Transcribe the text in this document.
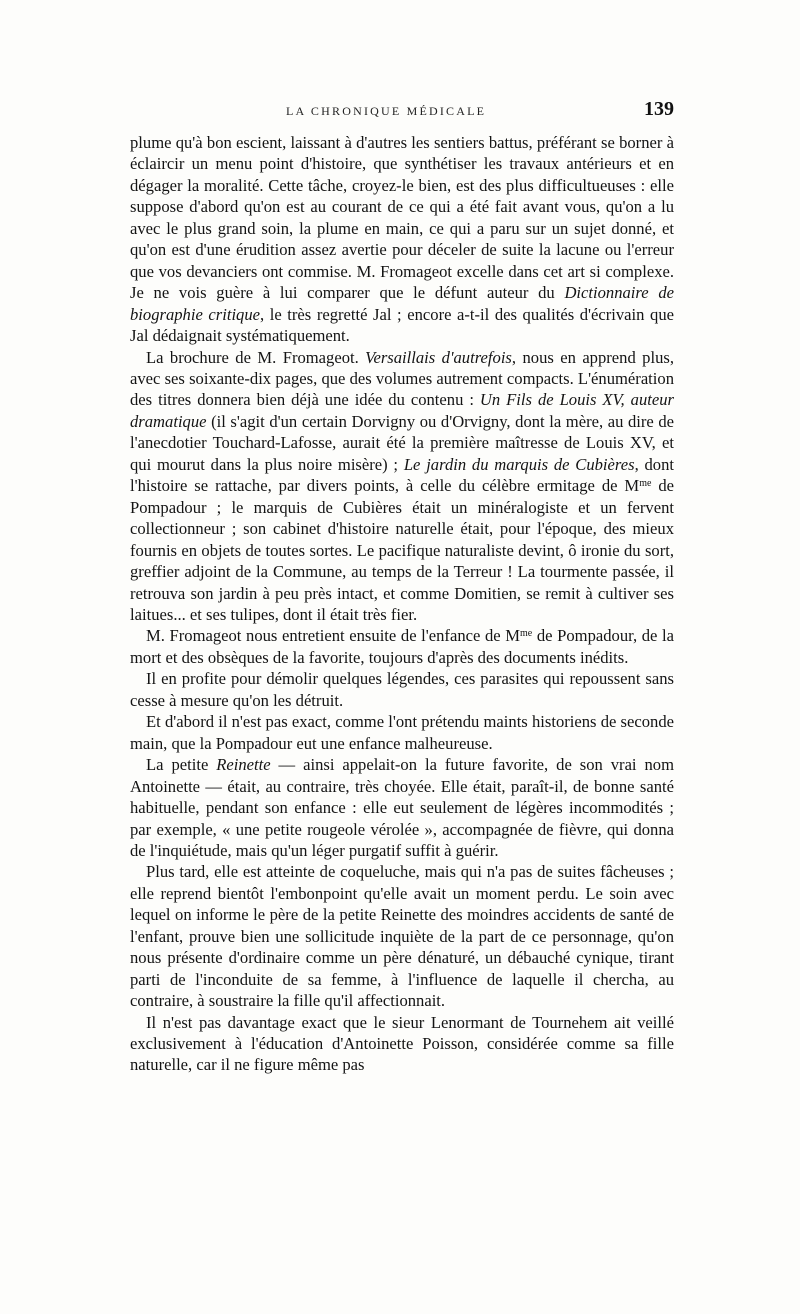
LA CHRONIQUE MÉDICALE	139

plume qu'à bon escient, laissant à d'autres les sentiers battus, préférant se borner à éclaircir un menu point d'histoire, que synthétiser les travaux antérieurs et en dégager la moralité. Cette tâche, croyez-le bien, est des plus difficultueuses : elle suppose d'abord qu'on est au courant de ce qui a été fait avant vous, qu'on a lu avec le plus grand soin, la plume en main, ce qui a paru sur un sujet donné, et qu'on est d'une érudition assez avertie pour déceler de suite la lacune ou l'erreur que vos devanciers ont commise. M. Fromageot excelle dans cet art si complexe. Je ne vois guère à lui comparer que le défunt auteur du Dictionnaire de biographie critique, le très regretté Jal ; encore a-t-il des qualités d'écrivain que Jal dédaignait systématiquement.

La brochure de M. Fromageot. Versaillais d'autrefois, nous en apprend plus, avec ses soixante-dix pages, que des volumes autrement compacts. L'énumération des titres donnera bien déjà une idée du contenu : Un Fils de Louis XV, auteur dramatique (il s'agit d'un certain Dorvigny ou d'Orvigny, dont la mère, au dire de l'anecdotier Touchard-Lafosse, aurait été la première maîtresse de Louis XV, et qui mourut dans la plus noire misère) ; Le jardin du marquis de Cubières, dont l'histoire se rattache, par divers points, à celle du célèbre ermitage de $M^{me}$ de Pompadour ; le marquis de Cubières était un minéralogiste et un fervent collectionneur ; son cabinet d'histoire naturelle était, pour l'époque, des mieux fournis en objets de toutes sortes. Le pacifique naturaliste devint, ô ironie du sort, greffier adjoint de la Commune, au temps de la Terreur ! La tourmente passée, il retrouva son jardin à peu près intact, et comme Domitien, se remit à cultiver ses laitues... et ses tulipes, dont il était très fier.

M. Fromageot nous entretient ensuite de l'enfance de $M^{me}$ de Pompadour, de la mort et des obsèques de la favorite, toujours d'après des documents inédits.

Il en profite pour démolir quelques légendes, ces parasites qui repoussent sans cesse à mesure qu'on les détruit.

Et d'abord il n'est pas exact, comme l'ont prétendu maints historiens de seconde main, que la Pompadour eut une enfance malheureuse.

La petite Reinette — ainsi appelait-on la future favorite, de son vrai nom Antoinette — était, au contraire, très choyée. Elle était, paraît-il, de bonne santé habituelle, pendant son enfance : elle eut seulement de légères incommodités ; par exemple, « une petite rougeole vérolée », accompagnée de fièvre, qui donna de l'inquiétude, mais qu'un léger purgatif suffit à guérir.

Plus tard, elle est atteinte de coqueluche, mais qui n'a pas de suites fâcheuses ; elle reprend bientôt l'embonpoint qu'elle avait un moment perdu. Le soin avec lequel on informe le père de la petite Reinette des moindres accidents de santé de l'enfant, prouve bien une sollicitude inquiète de la part de ce personnage, qu'on nous présente d'ordinaire comme un père dénaturé, un débauché cynique, tirant parti de l'inconduite de sa femme, à l'influence de laquelle il chercha, au contraire, à soustraire la fille qu'il affectionnait.

Il n'est pas davantage exact que le sieur Lenormant de Tournehem ait veillé exclusivement à l'éducation d'Antoinette Poisson, considérée comme sa fille naturelle, car il ne figure même pas
